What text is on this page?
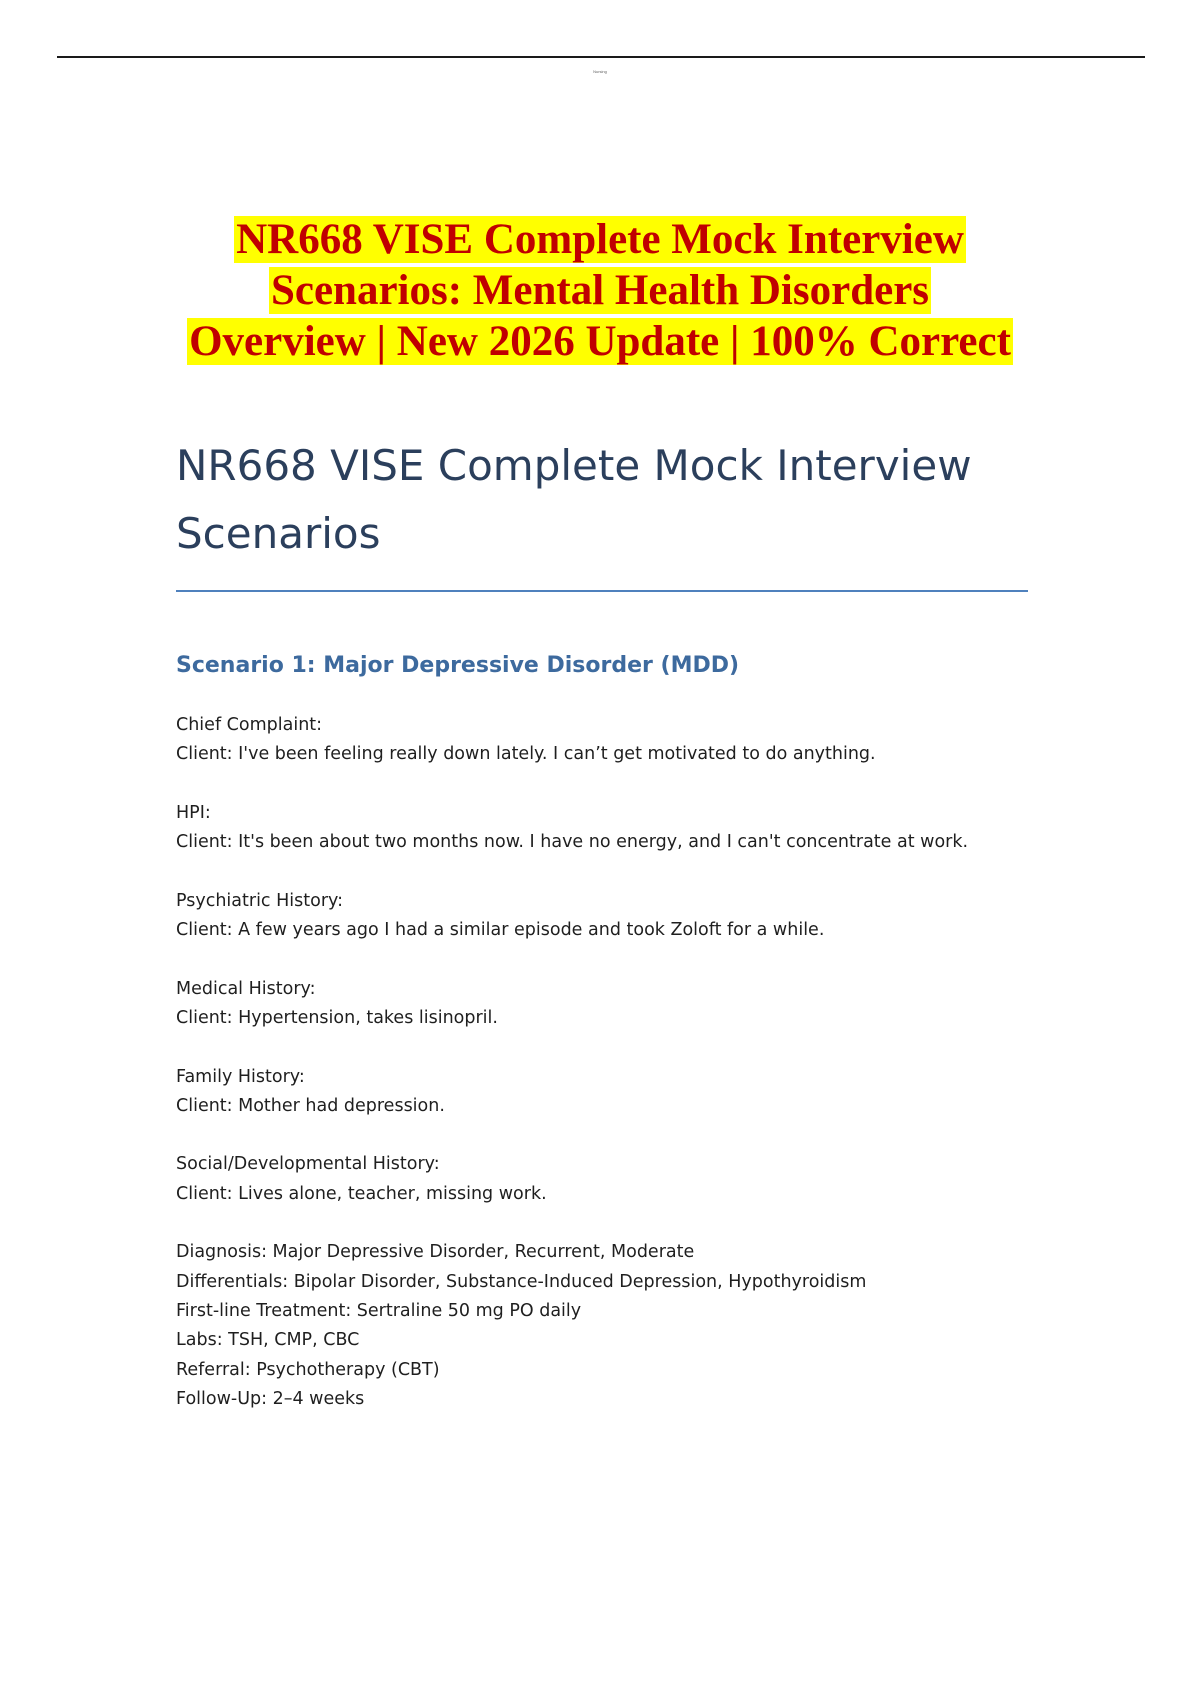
Nursing
NR668 VISE Complete Mock Interview
Scenarios: Mental Health Disorders
Overview | New 2026 Update | 100% Correct
NR668 VISE Complete Mock Interview
Scenarios
Scenario 1: Major Depressive Disorder (MDD)
Chief Complaint:
Client: I've been feeling really down lately. I can’t get motivated to do anything.
HPI:
Client: It's been about two months now. I have no energy, and I can't concentrate at work.
Psychiatric History:
Client: A few years ago I had a similar episode and took Zoloft for a while.
Medical History:
Client: Hypertension, takes lisinopril.
Family History:
Client: Mother had depression.
Social/Developmental History:
Client: Lives alone, teacher, missing work.
Diagnosis: Major Depressive Disorder, Recurrent, Moderate
Differentials: Bipolar Disorder, Substance-Induced Depression, Hypothyroidism
First-line Treatment: Sertraline 50 mg PO daily
Labs: TSH, CMP, CBC
Referral: Psychotherapy (CBT)
Follow-Up: 2–4 weeks
